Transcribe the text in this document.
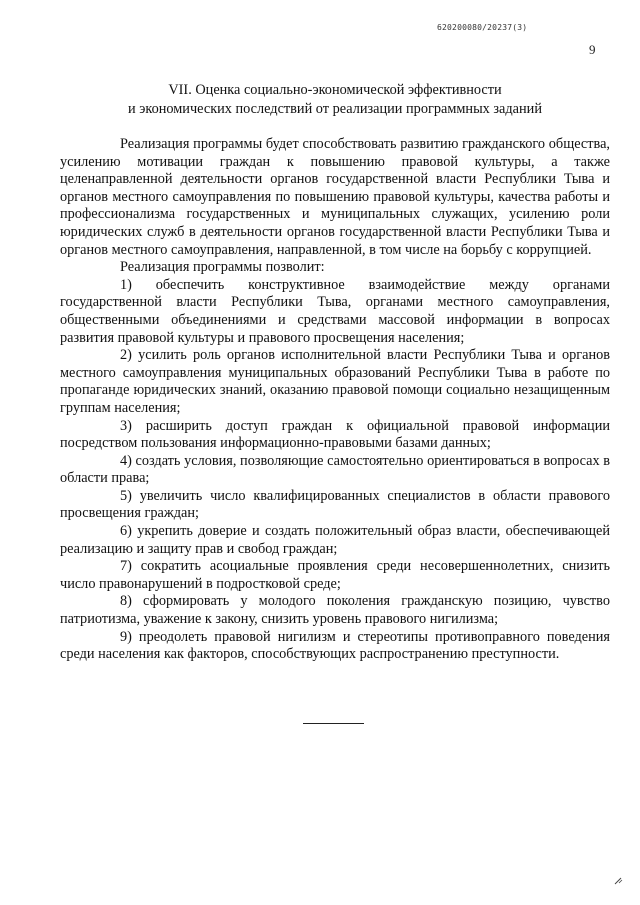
620200080/20237(3)
9
VII. Оценка социально-экономической эффективности
и экономических последствий от реализации программных заданий

Реализация программы будет способствовать развитию гражданского общества, усилению мотивации граждан к повышению правовой культуры, а также целенаправленной деятельности органов государственной власти Республики Тыва и органов местного самоуправления по повышению правовой культуры, качества работы и профессионализма государственных и муниципальных служащих, усилению роли юридических служб в деятельности органов государственной власти Республики Тыва и органов местного самоуправления, направленной, в том числе на борьбу с коррупцией.

Реализация программы позволит:

1) обеспечить конструктивное взаимодействие между органами государственной власти Республики Тыва, органами местного самоуправления, общественными объединениями и средствами массовой информации в вопросах развития правовой культуры и правового просвещения населения;

2) усилить роль органов исполнительной власти Республики Тыва и органов местного самоуправления муниципальных образований Республики Тыва в работе по пропаганде юридических знаний, оказанию правовой помощи социально незащищенным группам населения;

3) расширить доступ граждан к официальной правовой информации посредством пользования информационно-правовыми базами данных;

4) создать условия, позволяющие самостоятельно ориентироваться в вопросах в области права;

5) увеличить число квалифицированных специалистов в области правового просвещения граждан;

6) укрепить доверие и создать положительный образ власти, обеспечивающей реализацию и защиту прав и свобод граждан;

7) сократить асоциальные проявления среди несовершеннолетних, снизить число правонарушений в подростковой среде;

8) сформировать у молодого поколения гражданскую позицию, чувство патриотизма, уважение к закону, снизить уровень правового нигилизма;

9) преодолеть правовой нигилизм и стереотипы противоправного поведения среди населения как факторов, способствующих распространению преступности.
